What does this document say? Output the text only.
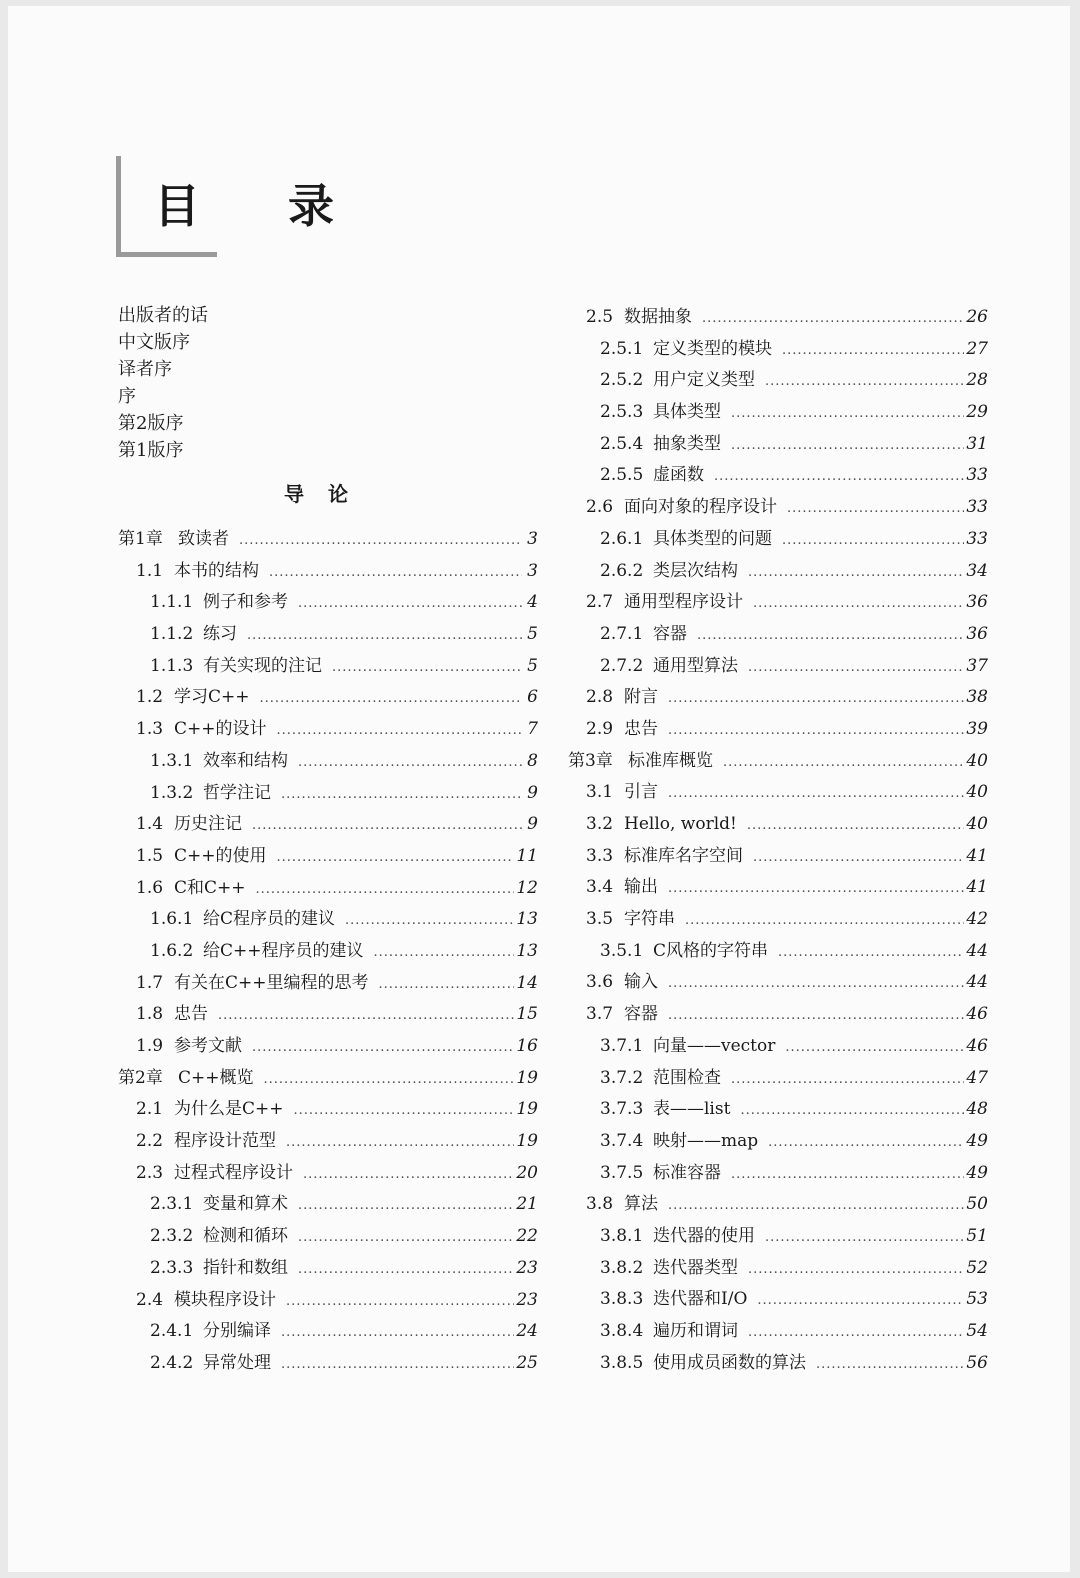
目录
出版者的话
中文版序
译者序
序
第2版序
第1版序
导论
第1章 致读者 .....	3
1.1 本书的结构 .....	3
1.1.1 例子和参考 .....	4
1.1.2 练习 .....	5
1.1.3 有关实现的注记 .....	5
1.2 学习C++ .....	6
1.3 C++的设计 .....	7
1.3.1 效率和结构 .....	8
1.3.2 哲学注记 .....	9
1.4 历史注记 .....	9
1.5 C++的使用 .....	11
1.6 C和C++ .....	12
1.6.1 给C程序员的建议 .....	13
1.6.2 给C++程序员的建议 .....	13
1.7 有关在C++里编程的思考 .....	14
1.8 忠告 .....	15
1.9 参考文献 .....	16
第2章 C++概览 .....	19
2.1 为什么是C++ .....	19
2.2 程序设计范型 .....	19
2.3 过程式程序设计 .....	20
2.3.1 变量和算术 .....	21
2.3.2 检测和循环 .....	22
2.3.3 指针和数组 .....	23
2.4 模块程序设计 .....	23
2.4.1 分别编译 .....	24
2.4.2 异常处理 .....	25
2.5 数据抽象 .....	26
2.5.1 定义类型的模块 .....	27
2.5.2 用户定义类型 .....	28
2.5.3 具体类型 .....	29
2.5.4 抽象类型 .....	31
2.5.5 虚函数 .....	33
2.6 面向对象的程序设计 .....	33
2.6.1 具体类型的问题 .....	33
2.6.2 类层次结构 .....	34
2.7 通用型程序设计 .....	36
2.7.1 容器 .....	36
2.7.2 通用型算法 .....	37
2.8 附言 .....	38
2.9 忠告 .....	39
第3章 标准库概览 .....	40
3.1 引言 .....	40
3.2 Hello, world! .....	40
3.3 标准库名字空间 .....	41
3.4 输出 .....	41
3.5 字符串 .....	42
3.5.1 C风格的字符串 .....	44
3.6 输入 .....	44
3.7 容器 .....	46
3.7.1 向量——vector .....	46
3.7.2 范围检查 .....	47
3.7.3 表——list .....	48
3.7.4 映射——map .....	49
3.7.5 标准容器 .....	49
3.8 算法 .....	50
3.8.1 迭代器的使用 .....	51
3.8.2 迭代器类型 .....	52
3.8.3 迭代器和I/O .....	53
3.8.4 遍历和谓词 .....	54
3.8.5 使用成员函数的算法 .....	56
